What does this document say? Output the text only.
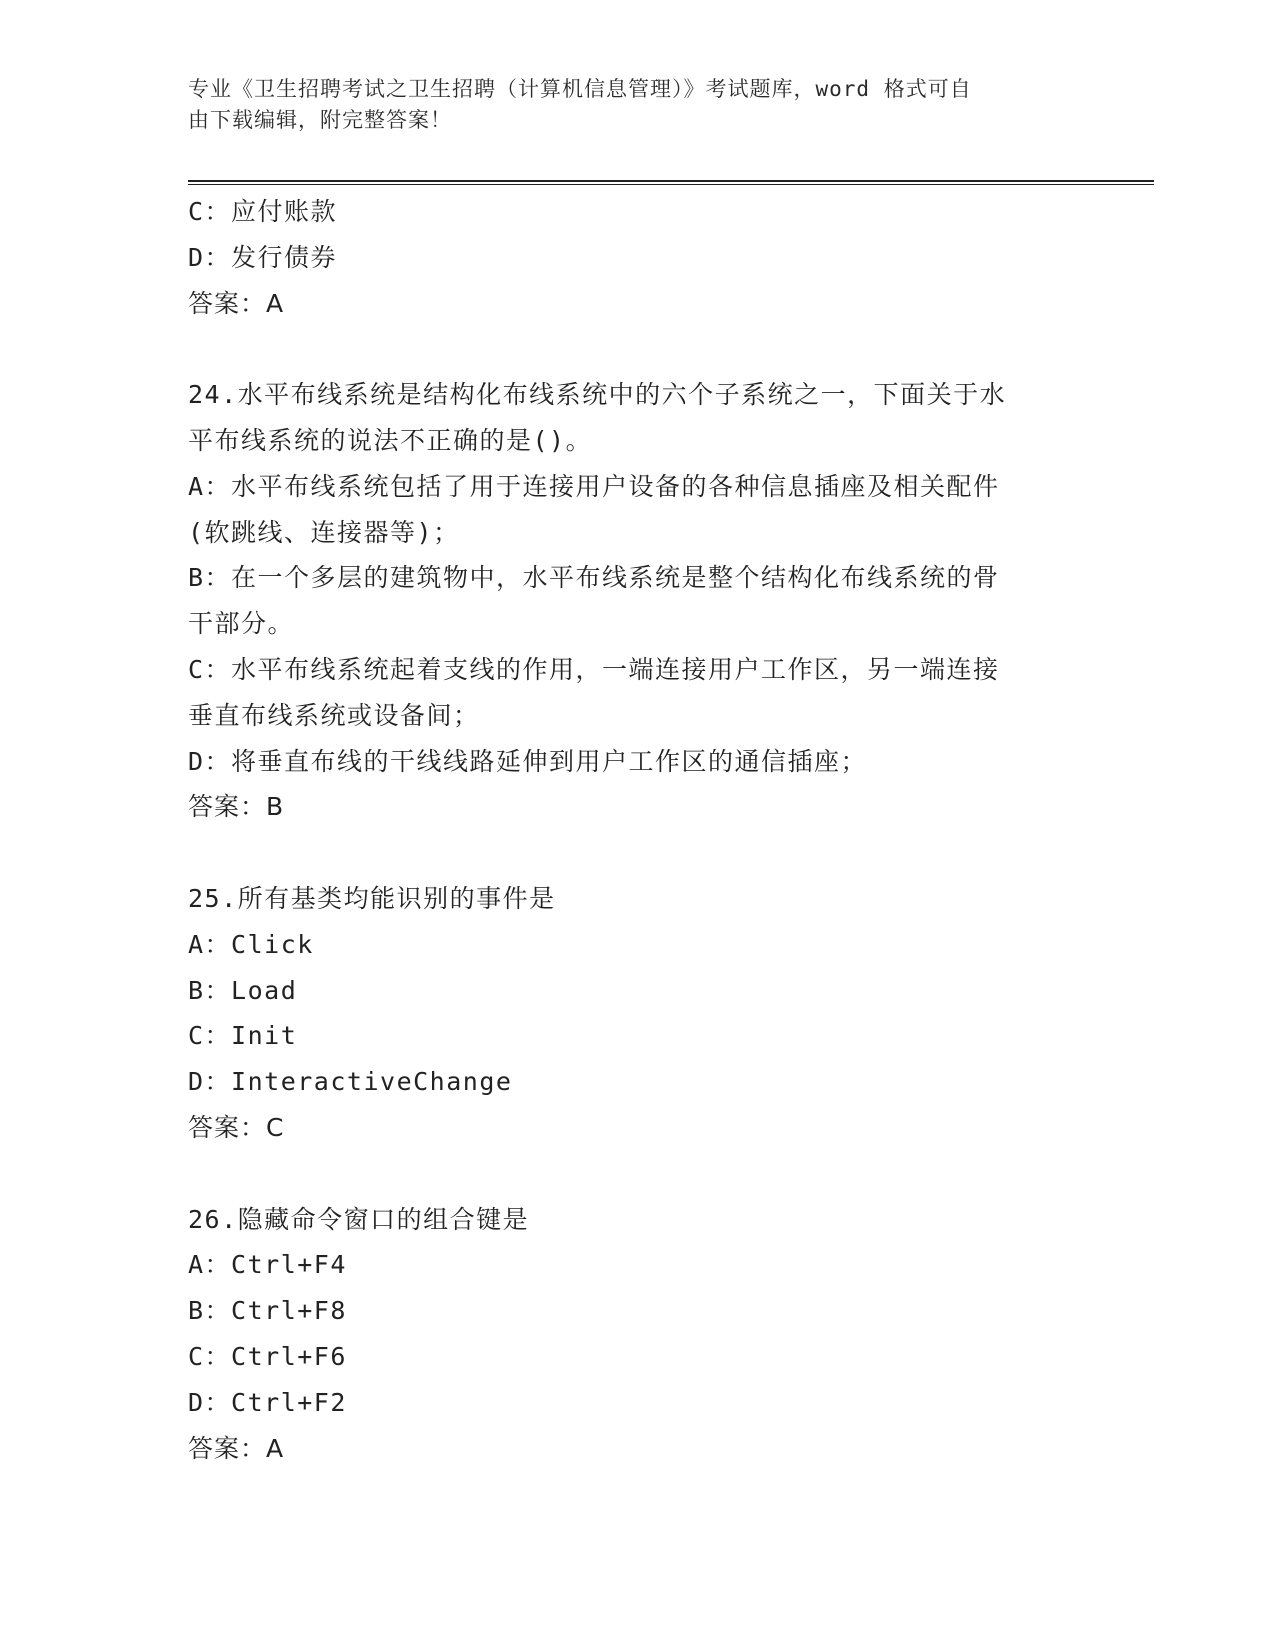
专业《卫生招聘考试之卫生招聘（计算机信息管理）》考试题库，word 格式可自
由下载编辑，附完整答案！
C：应付账款
D：发行债券
答案：A
24.水平布线系统是结构化布线系统中的六个子系统之一，下面关于水
平布线系统的说法不正确的是()。
A：水平布线系统包括了用于连接用户设备的各种信息插座及相关配件
(软跳线、连接器等)；
B：在一个多层的建筑物中，水平布线系统是整个结构化布线系统的骨
干部分。
C：水平布线系统起着支线的作用，一端连接用户工作区，另一端连接
垂直布线系统或设备间；
D：将垂直布线的干线线路延伸到用户工作区的通信插座；
答案：B
25.所有基类均能识别的事件是
A：Click
B：Load
C：Init
D：InteractiveChange
答案：C
26.隐藏命令窗口的组合键是
A：Ctrl+F4
B：Ctrl+F8
C：Ctrl+F6
D：Ctrl+F2
答案：A
